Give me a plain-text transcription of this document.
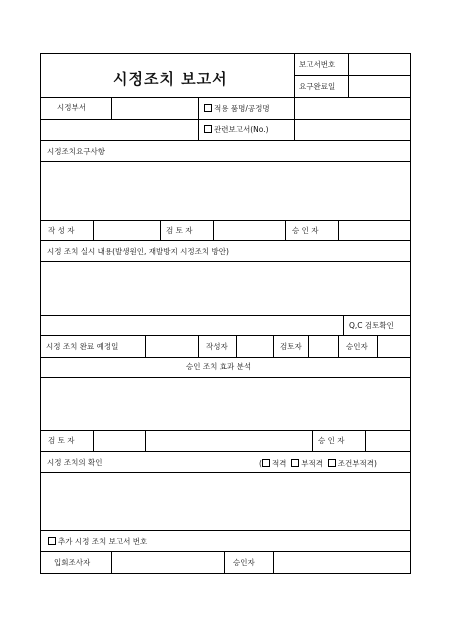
시정조치 보고서
보고서번호
요구완료일
시정부서	적용 품명/공정명
관련보고서(No.)
시정조치요구사항
작 성 자	검 토 자	승 인 자
시정 조치 실시 내용(발생원인, 재발방지 시정조치 방안)
Q,C 검토확인
시정 조치 완료 예정일	작성자	검토자	승인자
승인 조치 효과 분석
검 토 자	승 인 자
시정 조치의 확인	( 적격 부적격 조건부적격)
추가 시정 조치 보고서 번호
입회조사자	승인자
